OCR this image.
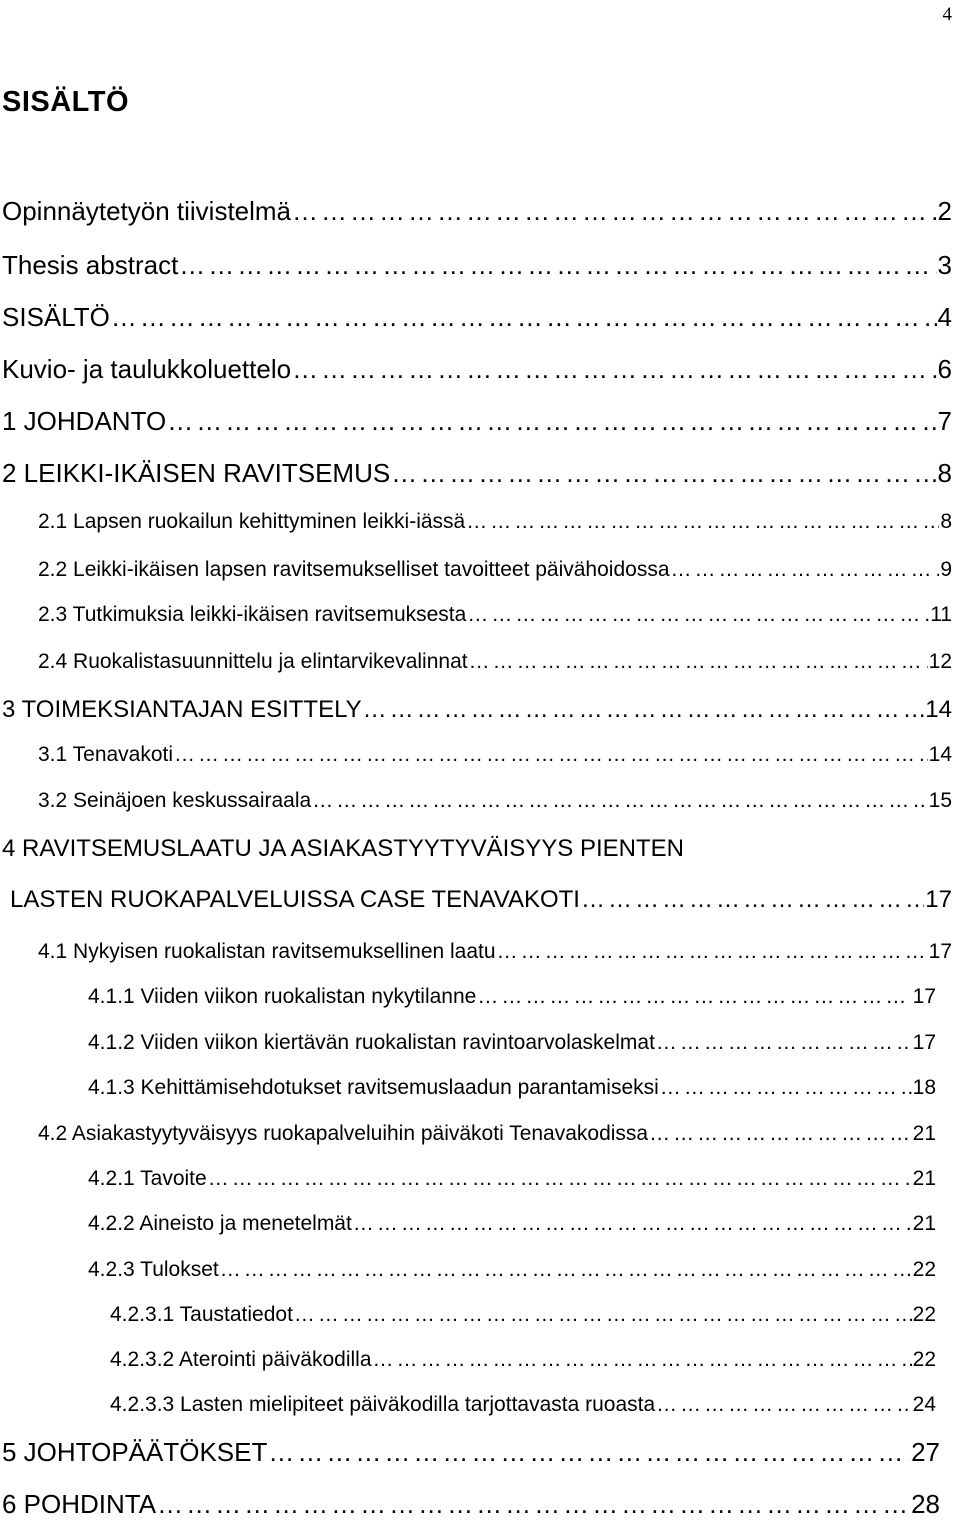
4
SISÄLTÖ
Opinnäytetyön tiivistelmä ……………………………………………………………………………………………………………………………………………………………………………………………………	2
Thesis abstract ……………………………………………………………………………………………………………………………………………………………………………………………………	3
SISÄLTÖ ……………………………………………………………………………………………………………………………………………………………………………………………………	4
Kuvio- ja taulukkoluettelo ……………………………………………………………………………………………………………………………………………………………………………………………………	6
1 JOHDANTO ……………………………………………………………………………………………………………………………………………………………………………………………………	7
2 LEIKKI-IKÄISEN RAVITSEMUS ……………………………………………………………………………………………………………………………………………………………………………………………………	8
2.1 Lapsen ruokailun kehittyminen leikki-iässä ……………………………………………………………………………………………………………………………………………………………………………………………………	8
2.2 Leikki-ikäisen lapsen ravitsemukselliset tavoitteet päivähoidossa ……………………………………………………………………………………………………………………………………………………………………………………………………	9
2.3 Tutkimuksia leikki-ikäisen ravitsemuksesta ……………………………………………………………………………………………………………………………………………………………………………………………………	11
2.4 Ruokalistasuunnittelu ja elintarvikevalinnat ……………………………………………………………………………………………………………………………………………………………………………………………………	12
3 TOIMEKSIANTAJAN ESITTELY ……………………………………………………………………………………………………………………………………………………………………………………………………	14
3.1 Tenavakoti ……………………………………………………………………………………………………………………………………………………………………………………………………	14
3.2 Seinäjoen keskussairaala ……………………………………………………………………………………………………………………………………………………………………………………………………	15
4 RAVITSEMUSLAATU JA ASIAKASTYYTYVÄISYYS PIENTEN
LASTEN RUOKAPALVELUISSA CASE TENAVAKOTI ……………………………………………………………………………………………………………………………………………………………………………………………………	17
4.1 Nykyisen ruokalistan ravitsemuksellinen laatu ……………………………………………………………………………………………………………………………………………………………………………………………………	17
4.1.1 Viiden viikon ruokalistan nykytilanne ……………………………………………………………………………………………………………………………………………………………………………………………………	17
4.1.2 Viiden viikon kiertävän ruokalistan ravintoarvolaskelmat ……………………………………………………………………………………………………………………………………………………………………………………………………	17
4.1.3 Kehittämisehdotukset ravitsemuslaadun parantamiseksi ……………………………………………………………………………………………………………………………………………………………………………………………………	18
4.2 Asiakastyytyväisyys ruokapalveluihin päiväkoti Tenavakodissa ……………………………………………………………………………………………………………………………………………………………………………………………………	21
4.2.1 Tavoite ……………………………………………………………………………………………………………………………………………………………………………………………………	21
4.2.2 Aineisto ja menetelmät ……………………………………………………………………………………………………………………………………………………………………………………………………	21
4.2.3 Tulokset ……………………………………………………………………………………………………………………………………………………………………………………………………	22
4.2.3.1 Taustatiedot ……………………………………………………………………………………………………………………………………………………………………………………………………	22
4.2.3.2 Aterointi päiväkodilla ……………………………………………………………………………………………………………………………………………………………………………………………………	22
4.2.3.3 Lasten mielipiteet päiväkodilla tarjottavasta ruoasta ……………………………………………………………………………………………………………………………………………………………………………………………………	24
5 JOHTOPÄÄTÖKSET ……………………………………………………………………………………………………………………………………………………………………………………………………	27
6 POHDINTA ……………………………………………………………………………………………………………………………………………………………………………………………………	28
